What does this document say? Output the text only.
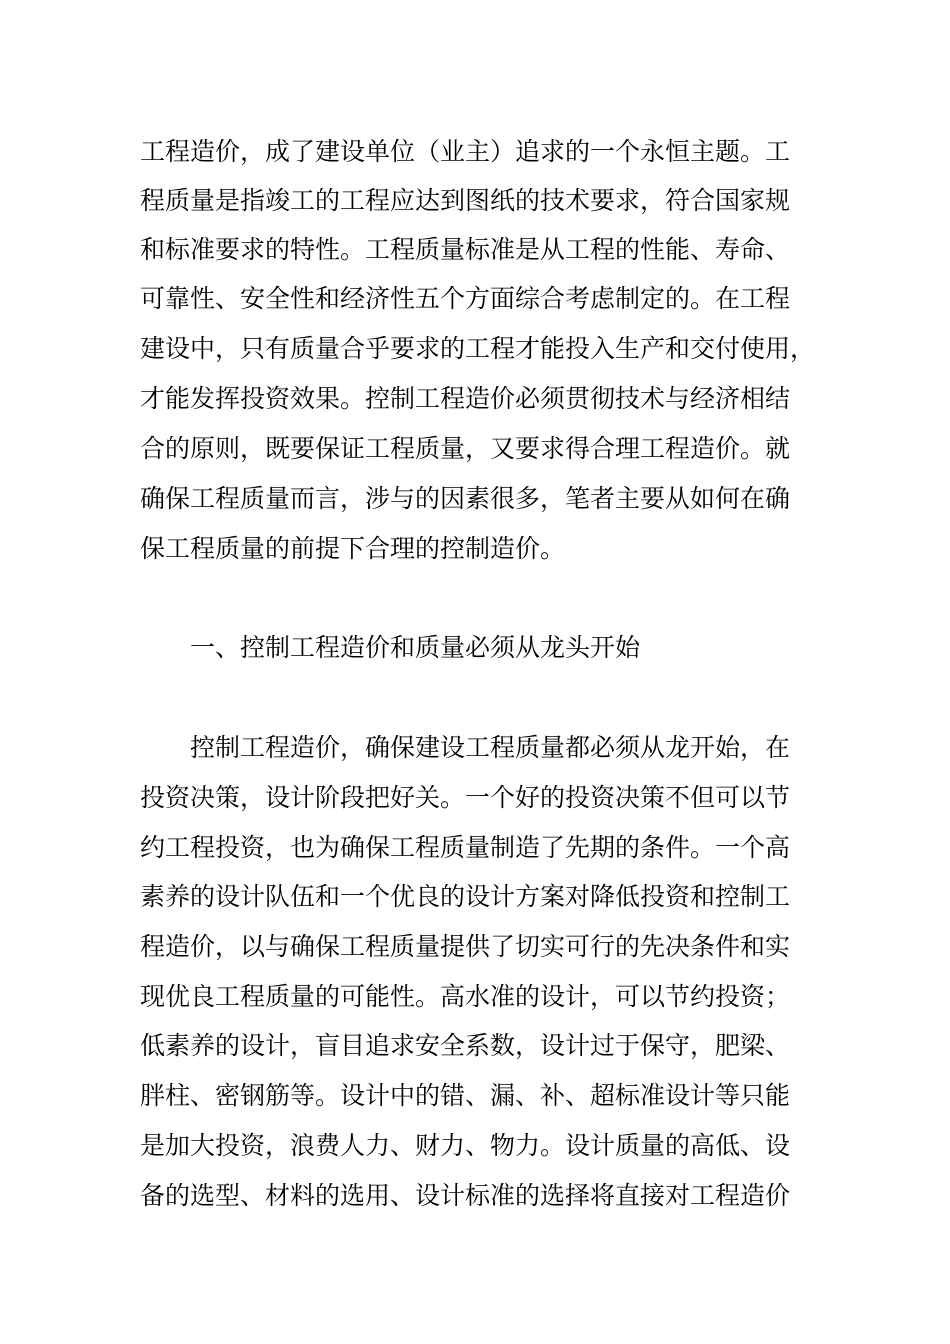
工程造价，成了建设单位（业主）追求的一个永恒主题。工
程质量是指竣工的工程应达到图纸的技术要求，符合国家规
和标准要求的特性。工程质量标准是从工程的性能、寿命、
可靠性、安全性和经济性五个方面综合考虑制定的。在工程
建设中，只有质量合乎要求的工程才能投入生产和交付使用，
才能发挥投资效果。控制工程造价必须贯彻技术与经济相结
合的原则，既要保证工程质量，又要求得合理工程造价。就
确保工程质量而言，涉与的因素很多，笔者主要从如何在确
保工程质量的前提下合理的控制造价。
一、控制工程造价和质量必须从龙头开始
控制工程造价，确保建设工程质量都必须从龙开始，在
投资决策，设计阶段把好关。一个好的投资决策不但可以节
约工程投资，也为确保工程质量制造了先期的条件。一个高
素养的设计队伍和一个优良的设计方案对降低投资和控制工
程造价，以与确保工程质量提供了切实可行的先决条件和实
现优良工程质量的可能性。高水准的设计，可以节约投资；
低素养的设计，盲目追求安全系数，设计过于保守，肥梁、
胖柱、密钢筋等。设计中的错、漏、补、超标准设计等只能
是加大投资，浪费人力、财力、物力。设计质量的高低、设
备的选型、材料的选用、设计标准的选择将直接对工程造价
